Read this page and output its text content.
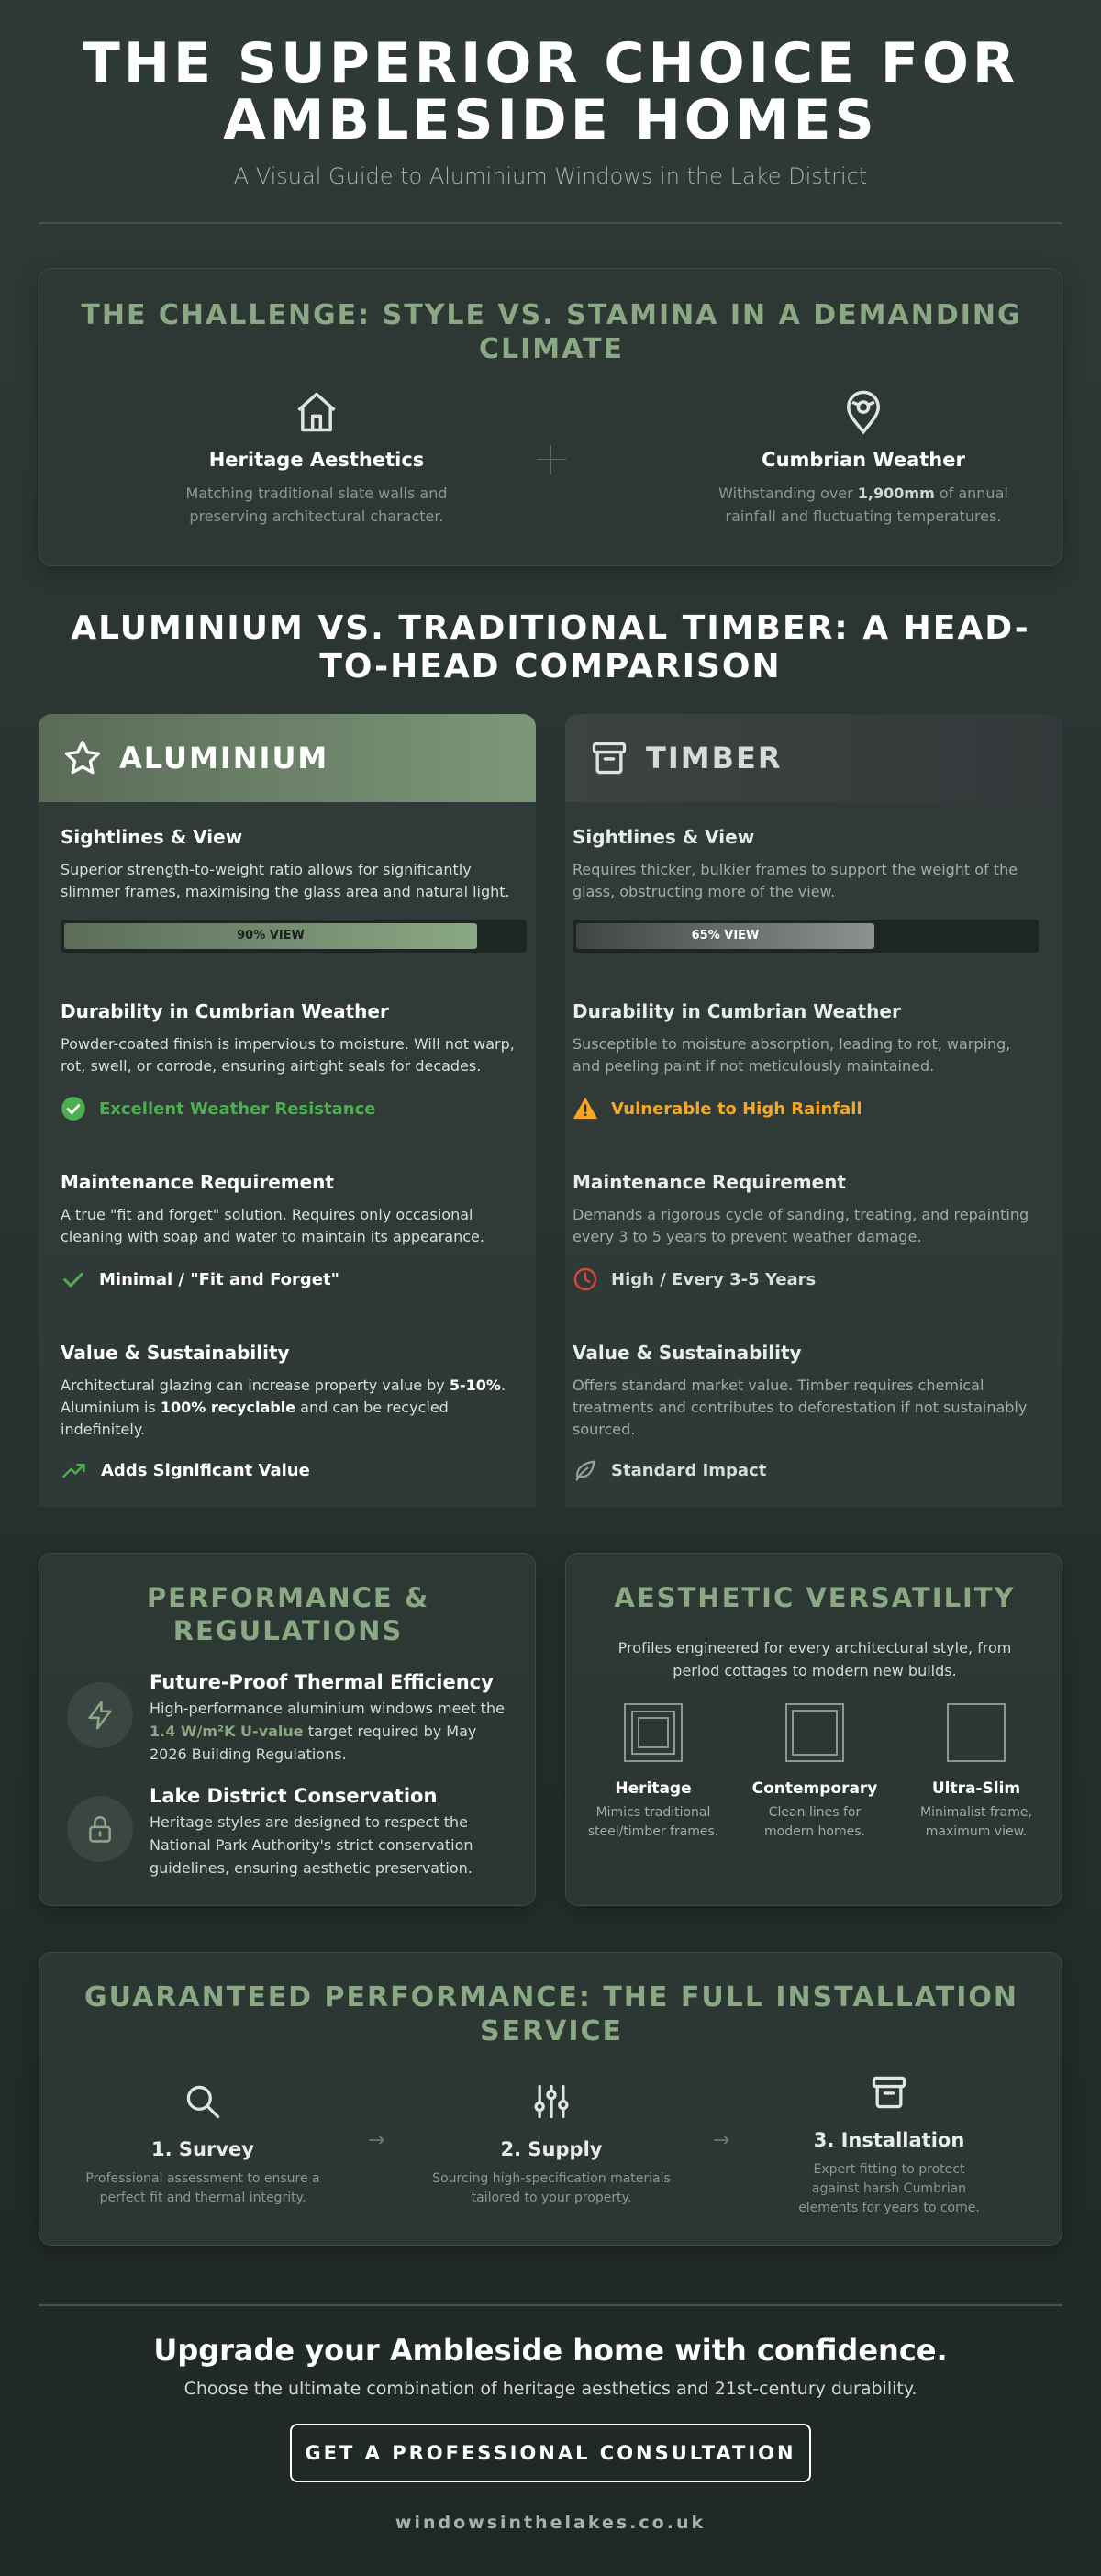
THE SUPERIOR CHOICE FOR AMBLESIDE HOMES
A Visual Guide to Aluminium Windows in the Lake District
THE CHALLENGE: STYLE VS. STAMINA IN A DEMANDING CLIMATE
Heritage Aesthetics
Matching traditional slate walls and preserving architectural character.
Cumbrian Weather
Withstanding over 1,900mm of annual rainfall and fluctuating temperatures.
ALUMINIUM VS. TRADITIONAL TIMBER: A HEAD-TO-HEAD COMPARISON
ALUMINIUM
Sightlines & View
Superior strength-to-weight ratio allows for significantly slimmer frames, maximising the glass area and natural light.
90% VIEW
Durability in Cumbrian Weather
Powder-coated finish is impervious to moisture. Will not warp, rot, swell, or corrode, ensuring airtight seals for decades.
Excellent Weather Resistance
Maintenance Requirement
A true "fit and forget" solution. Requires only occasional cleaning with soap and water to maintain its appearance.
Minimal / "Fit and Forget"
Value & Sustainability
Architectural glazing can increase property value by 5-10%. Aluminium is 100% recyclable and can be recycled indefinitely.
Adds Significant Value
TIMBER
Sightlines & View
Requires thicker, bulkier frames to support the weight of the glass, obstructing more of the view.
65% VIEW
Durability in Cumbrian Weather
Susceptible to moisture absorption, leading to rot, warping, and peeling paint if not meticulously maintained.
Vulnerable to High Rainfall
Maintenance Requirement
Demands a rigorous cycle of sanding, treating, and repainting every 3 to 5 years to prevent weather damage.
High / Every 3-5 Years
Value & Sustainability
Offers standard market value. Timber requires chemical treatments and contributes to deforestation if not sustainably sourced.
Standard Impact
PERFORMANCE & REGULATIONS
Future-Proof Thermal Efficiency
High-performance aluminium windows meet the 1.4 W/m²K U-value target required by May 2026 Building Regulations.
Lake District Conservation
Heritage styles are designed to respect the National Park Authority's strict conservation guidelines, ensuring aesthetic preservation.
AESTHETIC VERSATILITY
Profiles engineered for every architectural style, from period cottages to modern new builds.
Heritage
Mimics traditional steel/timber frames.
Contemporary
Clean lines for modern homes.
Ultra-Slim
Minimalist frame, maximum view.
GUARANTEED PERFORMANCE: THE FULL INSTALLATION SERVICE
1. Survey
Professional assessment to ensure a perfect fit and thermal integrity.
→	2. Supply
Sourcing high-specification materials tailored to your property.
→	3. Installation
Expert fitting to protect against harsh Cumbrian elements for years to come.
Upgrade your Ambleside home with confidence.
Choose the ultimate combination of heritage aesthetics and 21st-century durability.
GET A PROFESSIONAL CONSULTATION
windowsinthelakes.co.uk
